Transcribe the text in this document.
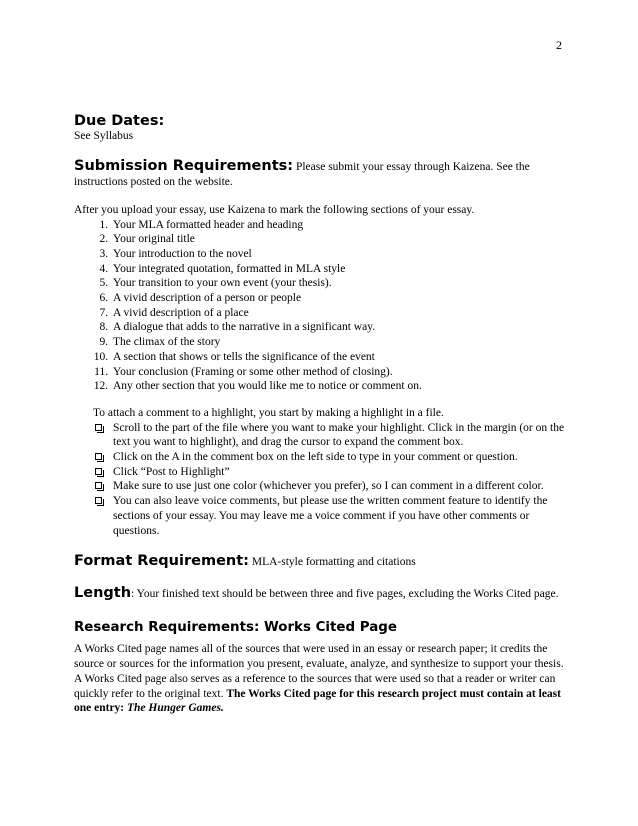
2
Due Dates:

See Syllabus

Submission Requirements: Please submit your essay through Kaizena. See the instructions posted on the website.

After you upload your essay, use Kaizena to mark the following sections of your essay.

1. Your MLA formatted header and heading
2. Your original title
3. Your introduction to the novel
4. Your integrated quotation, formatted in MLA style
5. Your transition to your own event (your thesis).
6. A vivid description of a person or people
7. A vivid description of a place
8. A dialogue that adds to the narrative in a significant way.
9. The climax of the story
10. A section that shows or tells the significance of the event
11. Your conclusion (Framing or some other method of closing).
12. Any other section that you would like me to notice or comment on.

To attach a comment to a highlight, you start by making a highlight in a file.

Scroll to the part of the file where you want to make your highlight. Click in the margin (or on the text you want to highlight), and drag the cursor to expand the comment box.
Click on the A in the comment box on the left side to type in your comment or question.
Click “Post to Highlight”
Make sure to use just one color (whichever you prefer), so I can comment in a different color.
You can also leave voice comments, but please use the written comment feature to identify the sections of your essay. You may leave me a voice comment if you have other comments or questions.
Format Requirement: MLA-style formatting and citations
Length: Your finished text should be between three and five pages, excluding the Works Cited page.
Research Requirements: Works Cited Page

A Works Cited page names all of the sources that were used in an essay or research paper; it credits the source or sources for the information you present, evaluate, analyze, and synthesize to support your thesis. A Works Cited page also serves as a reference to the sources that were used so that a reader or writer can quickly refer to the original text. The Works Cited page for this research project must contain at least one entry: The Hunger Games.
